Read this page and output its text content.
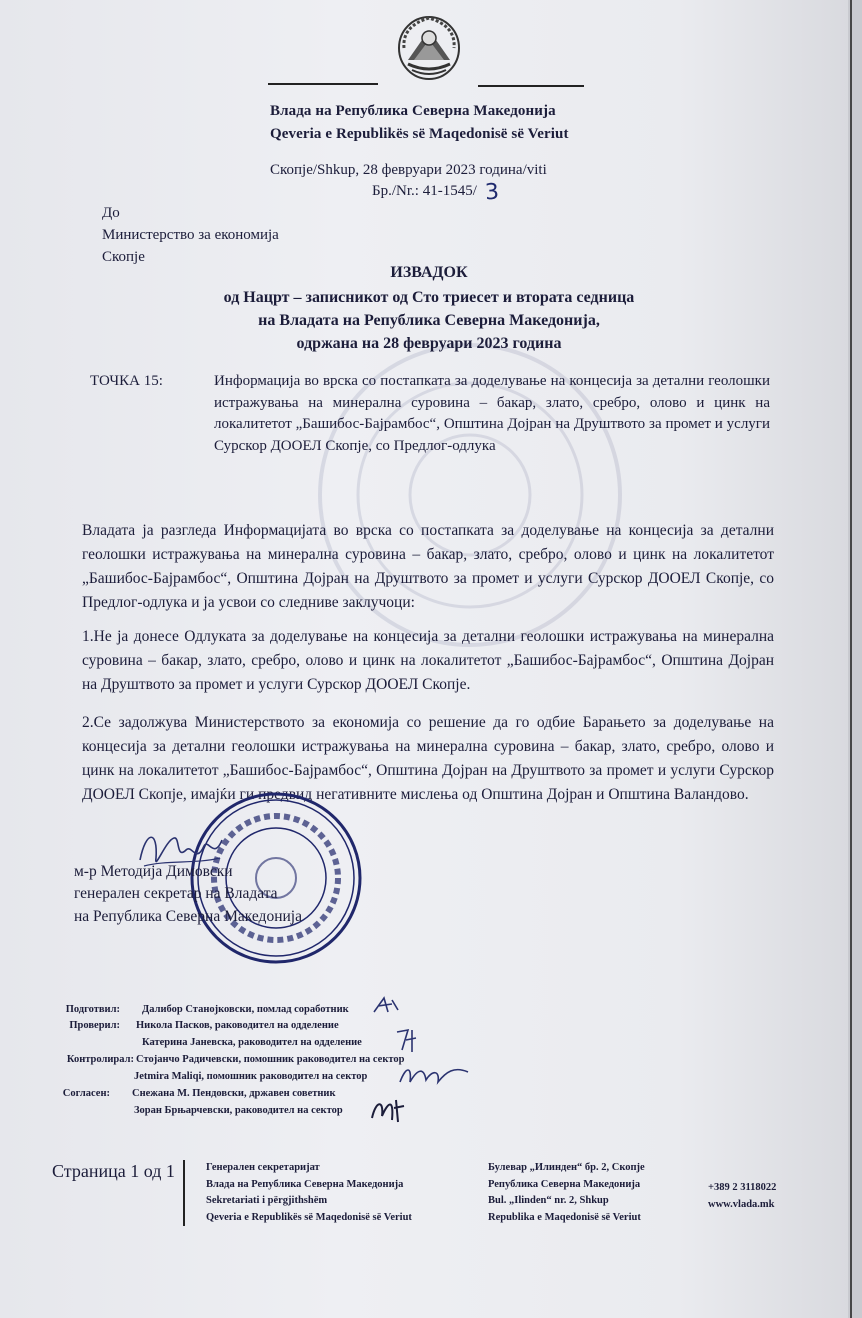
Влада на Република Северна Македонија
Qeveria e Republikës së Maqedonisë së Veriut
Скопје/Shkup, 28 февруари 2023 година/viti
Бр./Nr.: 41-1545/ 3
До
Министерство за економија
Скопје
ИЗВАДОК
од Нацрт – записникот од Сто триесет и втората седница
на Владата на Република Северна Македонија,
одржана на 28 февруари 2023 година
ТОЧКА 15:	Информација во врска со постапката за доделување на концесија за детални геолошки истражувања на минерална суровина – бакар, злато, сребро, олово и цинк на локалитетот „Башибос-Бајрамбос“, Општина Дојран на Друштвото за промет и услуги Сурскор ДООЕЛ Скопје, со Предлог-одлука
Владата ја разгледа Информацијата во врска со постапката за доделување на концесија за детални геолошки истражувања на минерална суровина – бакар, злато, сребро, олово и цинк на локалитетот „Башибос-Бајрамбос“, Општина Дојран на Друштвото за промет и услуги Сурскор ДООЕЛ Скопје, со Предлог-одлука и ја усвои со следниве заклучоци:
1.Не ја донесе Одлуката за доделување на концесија за детални геолошки истражувања на минерална суровина – бакар, злато, сребро, олово и цинк на локалитетот „Башибос-Бајрамбос“, Општина Дојран на Друштвото за промет и услуги Сурскор ДООЕЛ Скопје.
2.Се задолжува Министерството за економија со решение да го одбие Барањето за доделување на концесија за детални геолошки истражувања на минерална суровина – бакар, злато, сребро, олово и цинк на локалитетот „Башибос-Бајрамбос“, Општина Дојран на Друштвото за промет и услуги Сурскор ДООЕЛ Скопје, имајќи ги предвид негативните мислења од Општина Дојран и Општина Валандово.
м-р Методија Димовски
генерален секретар на Владата
на Република Северна Македонија
Подготвил: Далибор Станојковски, помлад соработник
Проверил: Никола Пасков, раководител на одделение
Катерина Јаневска, раководител на одделение
Контролирал: Стојанчо Радичевски, помошник раководител на сектор
Jetmira Maliqi, помошник раководител на сектор
Согласен: Снежана М. Пендовски, државен советник
Зоран Брњарчевски, раководител на сектор
Страница 1 од 1	Генерален секретаријат
Влада на Република Северна Македонија
Sekretariati i përgjithshëm
Qeveria e Republikës së Maqedonisë së Veriut
Булевар „Илинден“ бр. 2, Скопје
Република Северна Македонија
Bul. „Ilinden“ nr. 2, Shkup
Republika e Maqedonisë së Veriut
+389 2 3118022
www.vlada.mk
